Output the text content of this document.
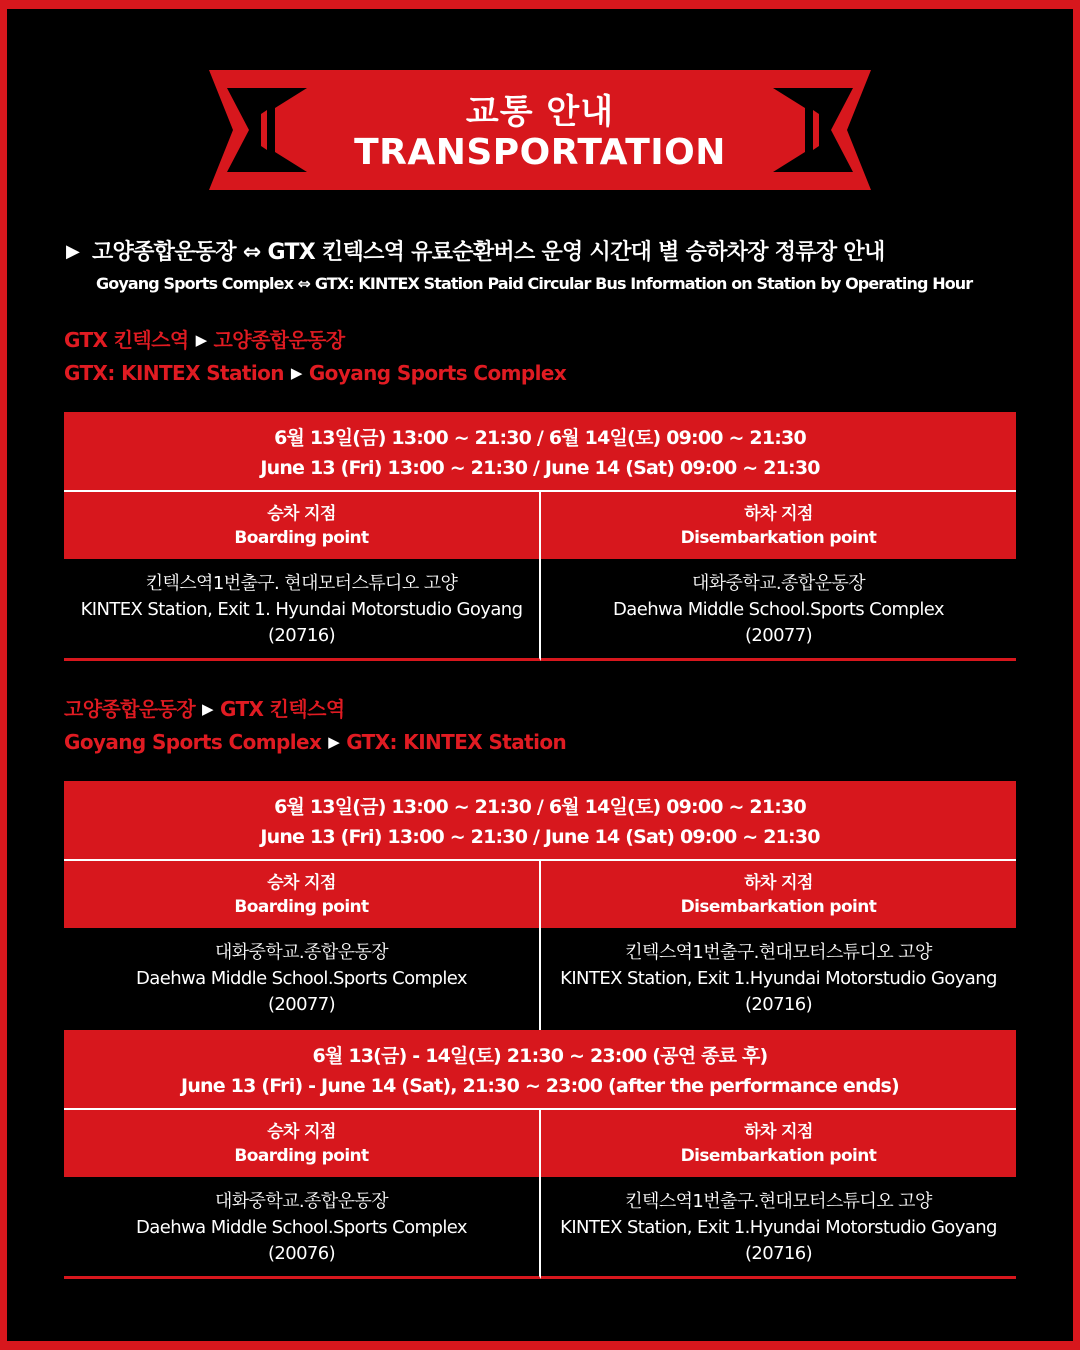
교통 안내
TRANSPORTATION
▶ 고양종합운동장 ⇔ GTX 킨텍스역 유료순환버스 운영 시간대 별 승하차장 정류장 안내
Goyang Sports Complex ⇔ GTX: KINTEX Station Paid Circular Bus Information on Station by Operating Hour
GTX 킨텍스역 ▶ 고양종합운동장
GTX: KINTEX Station ▶ Goyang Sports Complex
6월 13일(금) 13:00 ~ 21:30 / 6월 14일(토) 09:00 ~ 21:30
June 13 (Fri) 13:00 ~ 21:30 / June 14 (Sat) 09:00 ~ 21:30
승차 지점
Boarding point
하차 지점
Disembarkation point
킨텍스역1번출구. 현대모터스튜디오 고양
KINTEX Station, Exit 1. Hyundai Motorstudio Goyang
(20716)
대화중학교.종합운동장
Daehwa Middle School.Sports Complex
(20077)
고양종합운동장 ▶ GTX 킨텍스역
Goyang Sports Complex ▶ GTX: KINTEX Station
6월 13일(금) 13:00 ~ 21:30 / 6월 14일(토) 09:00 ~ 21:30
June 13 (Fri) 13:00 ~ 21:30 / June 14 (Sat) 09:00 ~ 21:30
승차 지점
Boarding point
하차 지점
Disembarkation point
대화중학교.종합운동장
Daehwa Middle School.Sports Complex
(20077)
킨텍스역1번출구.현대모터스튜디오 고양
KINTEX Station, Exit 1.Hyundai Motorstudio Goyang
(20716)
6월 13(금) - 14일(토) 21:30 ~ 23:00 (공연 종료 후)
June 13 (Fri) - June 14 (Sat), 21:30 ~ 23:00 (after the performance ends)
승차 지점
Boarding point
하차 지점
Disembarkation point
대화중학교.종합운동장
Daehwa Middle School.Sports Complex
(20076)
킨텍스역1번출구.현대모터스튜디오 고양
KINTEX Station, Exit 1.Hyundai Motorstudio Goyang
(20716)
